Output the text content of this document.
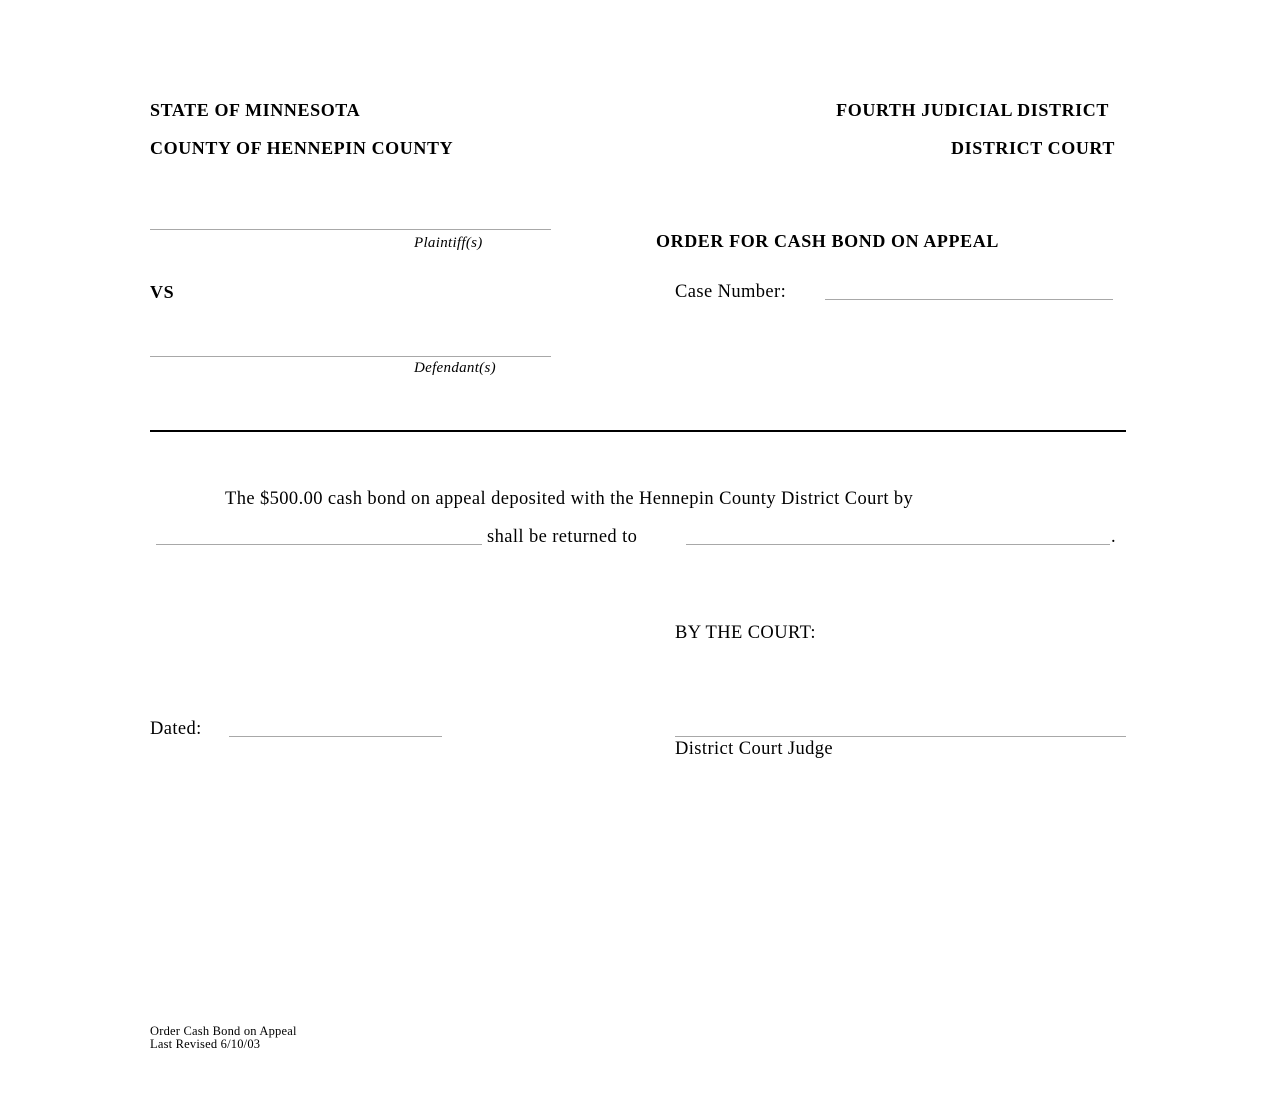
STATE OF MINNESOTA
COUNTY OF HENNEPIN COUNTY
FOURTH JUDICIAL DISTRICT
DISTRICT COURT
Plaintiff(s)
VS
Defendant(s)
ORDER FOR CASH BOND ON APPEAL
Case Number:
The $500.00 cash bond on appeal deposited with the Hennepin County District Court by
shall be returned to	.
BY THE COURT:
Dated:
District Court Judge
Order Cash Bond on Appeal
Last Revised 6/10/03
